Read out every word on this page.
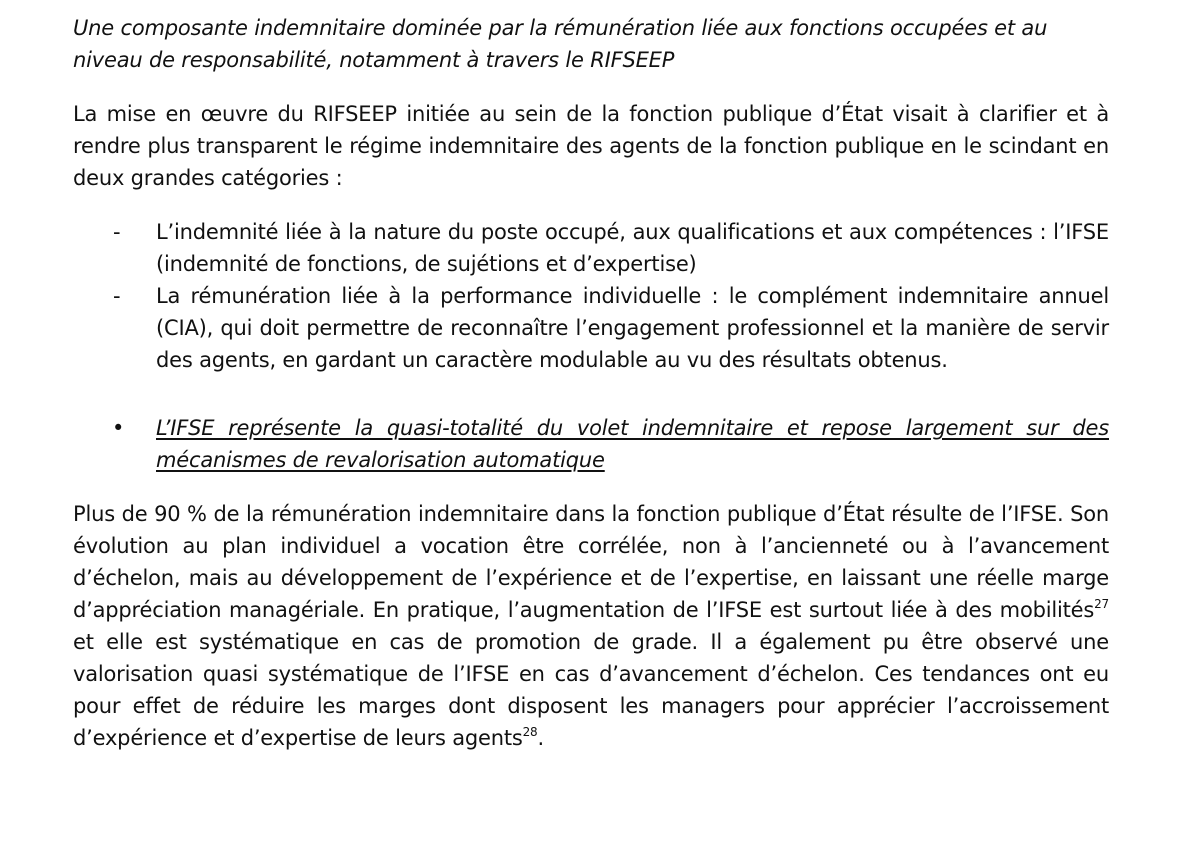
Une composante indemnitaire dominée par la rémunération liée aux fonctions occupées et au niveau de responsabilité, notamment à travers le RIFSEEP

La mise en œuvre du RIFSEEP initiée au sein de la fonction publique d’État visait à clarifier et à rendre plus transparent le régime indemnitaire des agents de la fonction publique en le scindant en deux grandes catégories :

- L’indemnité liée à la nature du poste occupé, aux qualifications et aux compétences : l’IFSE (indemnité de fonctions, de sujétions et d’expertise)
- La rémunération liée à la performance individuelle : le complément indemnitaire annuel (CIA), qui doit permettre de reconnaître l’engagement professionnel et la manière de servir des agents, en gardant un caractère modulable au vu des résultats obtenus.
• L’IFSE représente la quasi-totalité du volet indemnitaire et repose largement sur des mécanismes de revalorisation automatique

Plus de 90 % de la rémunération indemnitaire dans la fonction publique d’État résulte de l’IFSE. Son évolution au plan individuel a vocation être corrélée, non à l’ancienneté ou à l’avancement d’échelon, mais au développement de l’expérience et de l’expertise, en laissant une réelle marge d’appréciation managériale. En pratique, l’augmentation de l’IFSE est surtout liée à des mobilités$^{27}$ et elle est systématique en cas de promotion de grade. Il a également pu être observé une valorisation quasi systématique de l’IFSE en cas d’avancement d’échelon. Ces tendances ont eu pour effet de réduire les marges dont disposent les managers pour apprécier l’accroissement d’expérience et d’expertise de leurs agents$^{28}$.
